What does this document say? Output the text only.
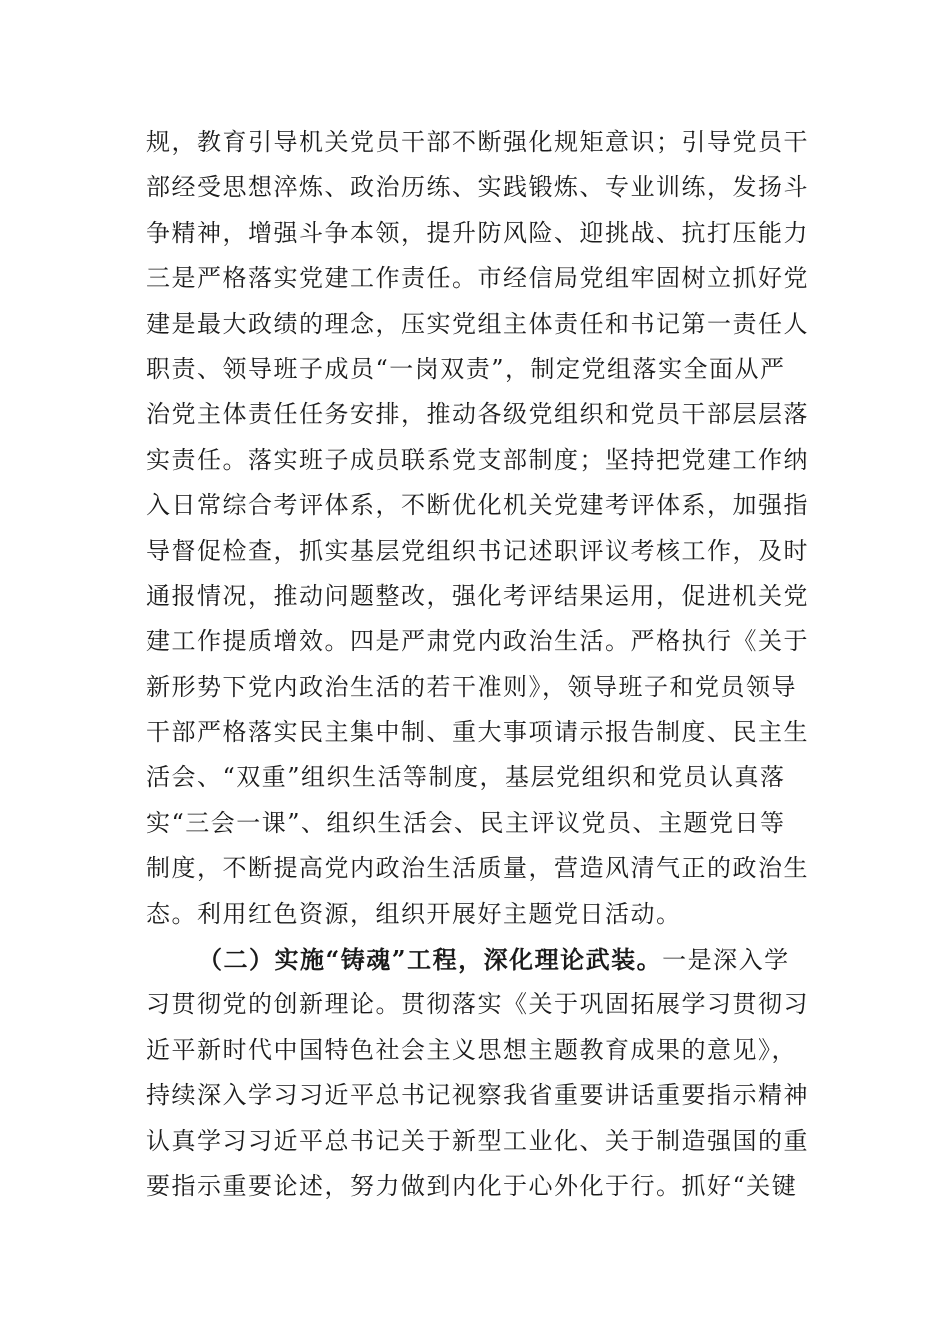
规，教育引导机关党员干部不断强化规矩意识；引导党员干
部经受思想淬炼、政治历练、实践锻炼、专业训练，发扬斗
争精神，增强斗争本领，提升防风险、迎挑战、抗打压能力
三是严格落实党建工作责任。市经信局党组牢固树立抓好党
建是最大政绩的理念，压实党组主体责任和书记第一责任人
职责、领导班子成员“一岗双责”，制定党组落实全面从严
治党主体责任任务安排，推动各级党组织和党员干部层层落
实责任。落实班子成员联系党支部制度；坚持把党建工作纳
入日常综合考评体系，不断优化机关党建考评体系，加强指
导督促检查，抓实基层党组织书记述职评议考核工作，及时
通报情况，推动问题整改，强化考评结果运用，促进机关党
建工作提质增效。四是严肃党内政治生活。严格执行《关于
新形势下党内政治生活的若干准则》，领导班子和党员领导
干部严格落实民主集中制、重大事项请示报告制度、民主生
活会、“双重”组织生活等制度，基层党组织和党员认真落
实“三会一课”、组织生活会、民主评议党员、主题党日等
制度，不断提高党内政治生活质量，营造风清气正的政治生
态。利用红色资源，组织开展好主题党日活动。
（二）实施“铸魂”工程，深化理论武装。一是深入学
习贯彻党的创新理论。贯彻落实《关于巩固拓展学习贯彻习
近平新时代中国特色社会主义思想主题教育成果的意见》，
持续深入学习习近平总书记视察我省重要讲话重要指示精神
认真学习习近平总书记关于新型工业化、关于制造强国的重
要指示重要论述，努力做到内化于心外化于行。抓好“关键
